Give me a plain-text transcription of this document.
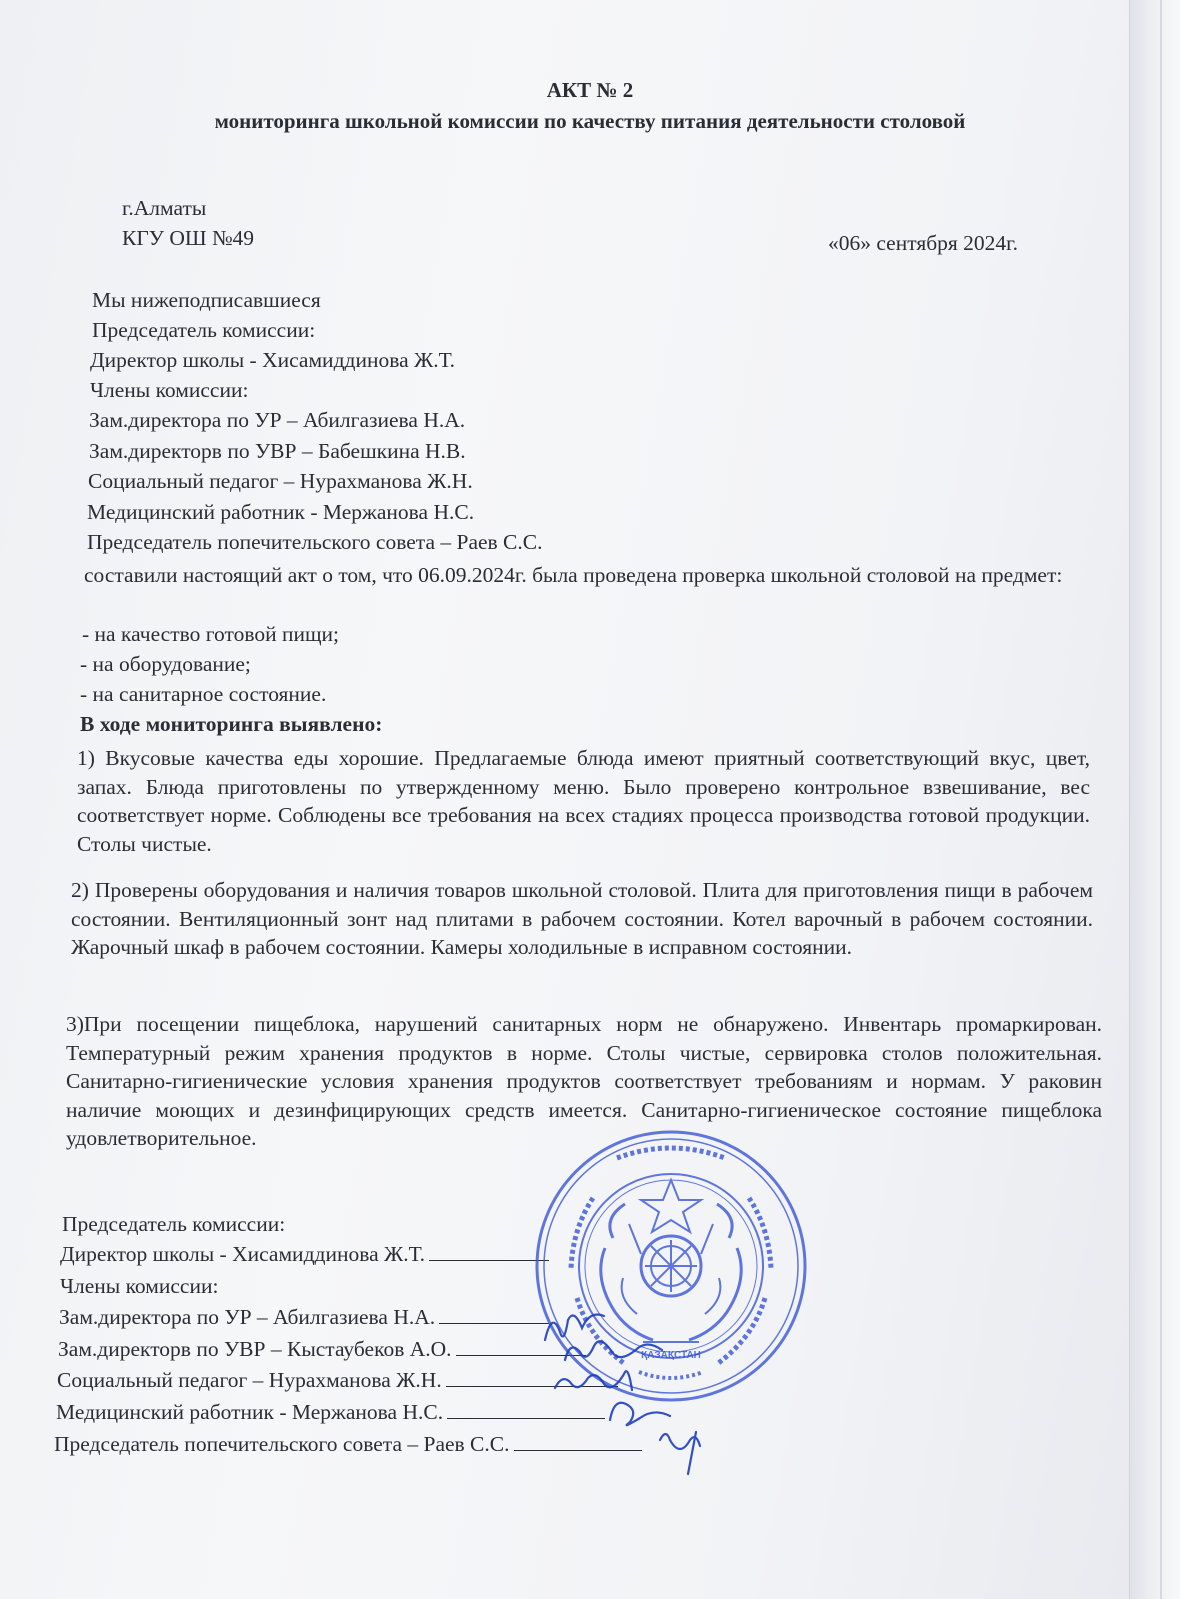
АКТ № 2
мониторинга школьной комиссии по качеству питания деятельности столовой
г.Алматы
КГУ ОШ №49	«06» сентября 2024г.
Мы нижеподписавшиеся
Председатель комиссии:
Директор школы - Хисамиддинова Ж.Т.
Члены комиссии:
Зам.директора по УР – Абилгазиева Н.А.
Зам.директорв по УВР – Бабешкина Н.В.
Социальный педагог – Нурахманова Ж.Н.
Медицинский работник - Мержанова Н.С.
Председатель попечительского совета – Раев С.С.
составили настоящий акт о том, что 06.09.2024г. была проведена проверка школьной столовой на предмет:
- на качество готовой пищи;
- на оборудование;
- на санитарное состояние.
В ходе мониторинга выявлено:
1) Вкусовые качества еды хорошие. Предлагаемые блюда имеют приятный соответствующий вкус, цвет, запах. Блюда приготовлены по утвержденному меню. Было проверено контрольное взвешивание, вес соответствует норме. Соблюдены все требования на всех стадиях процесса производства готовой продукции. Столы чистые.
2) Проверены оборудования и наличия товаров школьной столовой. Плита для приготовления пищи в рабочем состоянии. Вентиляционный зонт над плитами в рабочем состоянии. Котел варочный в рабочем состоянии. Жарочный шкаф в рабочем состоянии. Камеры холодильные в исправном состоянии.
3)При посещении пищеблока, нарушений санитарных норм не обнаружено. Инвентарь промаркирован. Температурный режим хранения продуктов в норме. Столы чистые, сервировка столов положительная. Санитарно-гигиенические условия хранения продуктов соответствует требованиям и нормам. У раковин наличие моющих и дезинфицирующих средств имеется. Санитарно-гигиеническое состояние пищеблока удовлетворительное.
Председатель комиссии:
Директор школы - Хисамиддинова Ж.Т.
Члены комиссии:
Зам.директора по УР – Абилгазиева Н.А.
Зам.директорв по УВР – Кыстаубеков А.О.
Социальный педагог – Нурахманова Ж.Н.
Медицинский работник - Мержанова Н.С.
Председатель попечительского совета – Раев С.С.
ҚАЗАҚСТАН
